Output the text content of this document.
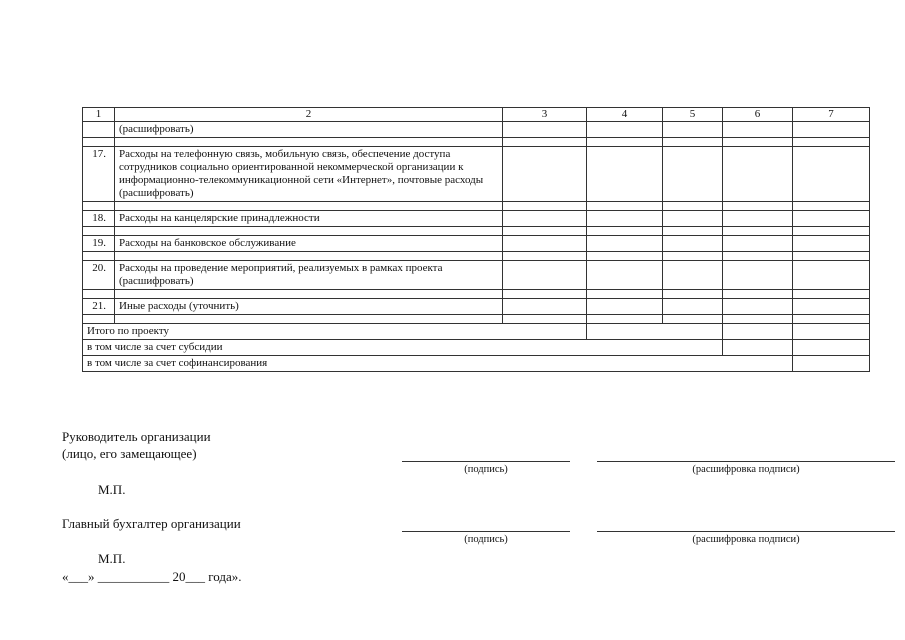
1	2	3	4	5	6	7
	(расшифровать)					

17.	Расходы на телефонную связь, мобильную связь, обеспечение доступа сотрудников социально ориентированной некоммерческой организации к информационно-телекоммуникационной сети «Интернет», почтовые расходы (расшифровать)					

18.	Расходы на канцелярские принадлежности					

19.	Расходы на банковское обслуживание					

20.	Расходы на проведение мероприятий, реализуемых в рамках проекта (расшифровать)					

21.	Иные расходы (уточнить)					

Итого по проекту						
в том числе за счет субсидии						
в том числе за счет софинансирования						
Руководитель организации
(лицо, его замещающее)
(подпись)	(расшифровка подписи)
М.П.
Главный бухгалтер организации
(подпись)	(расшифровка подписи)
М.П.
«___» ___________ 20___ года».
